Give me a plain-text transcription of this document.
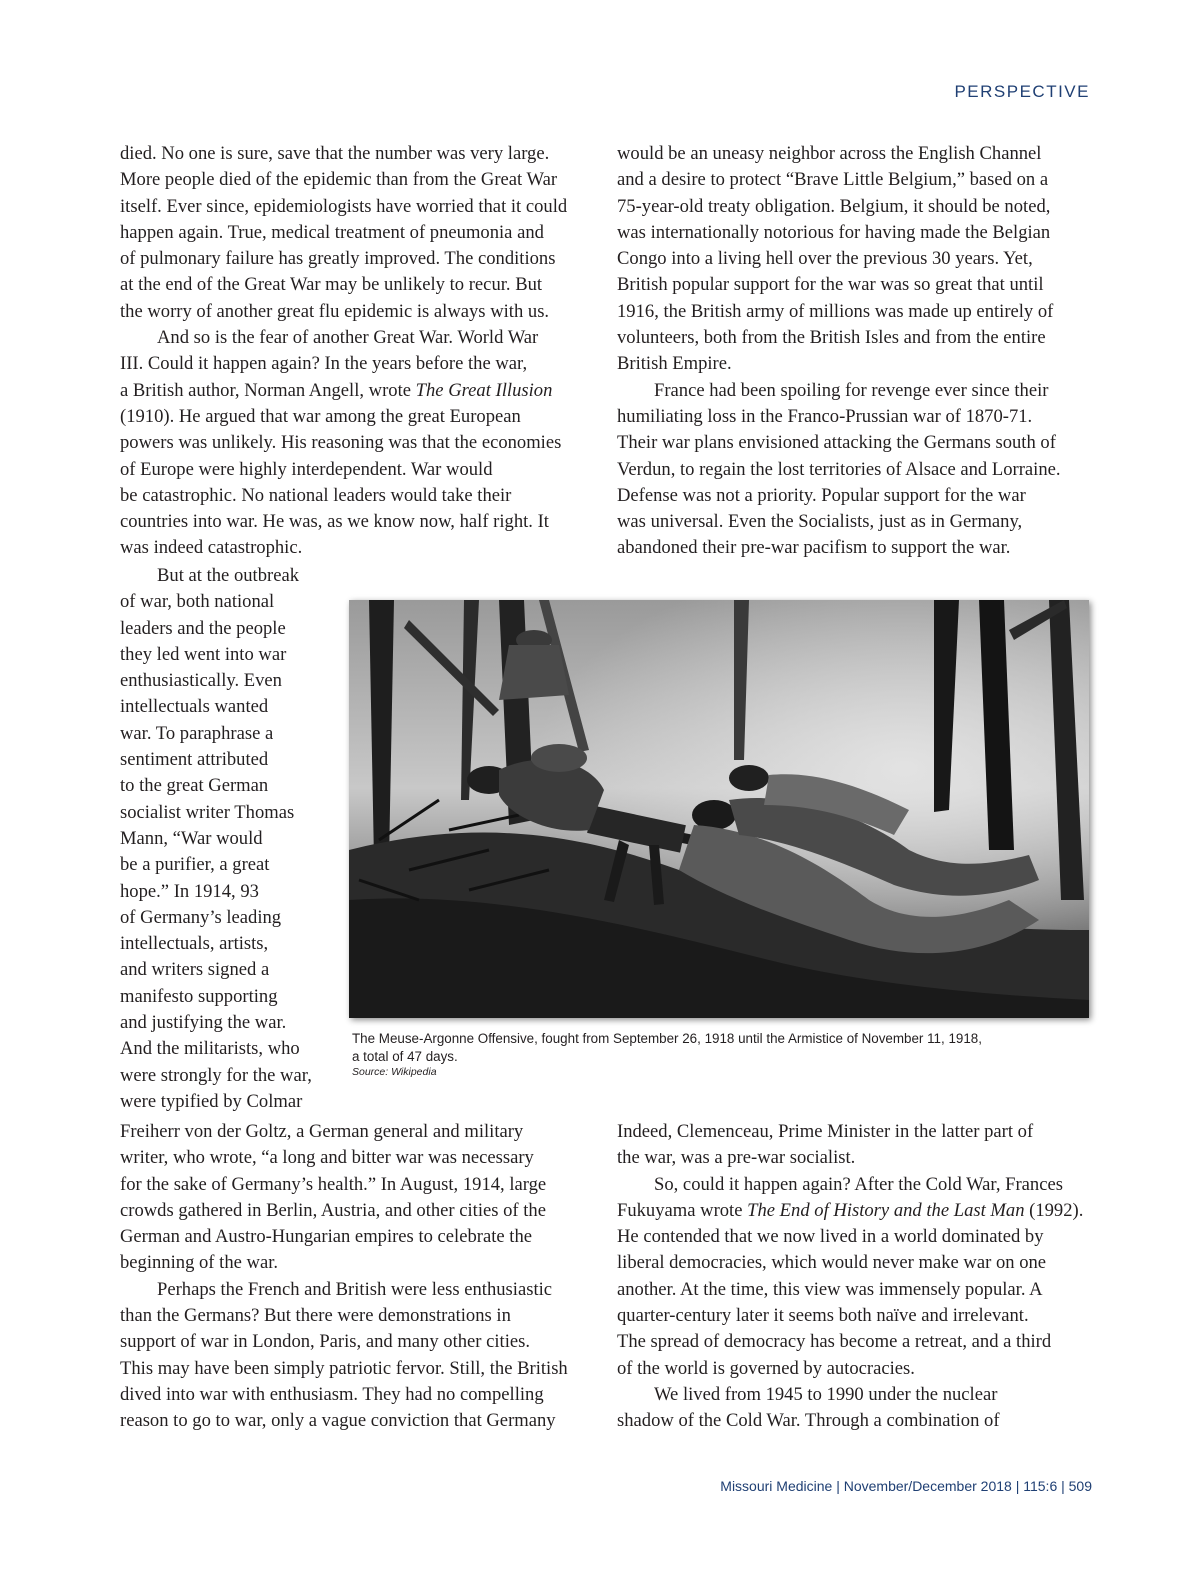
PERSPECTIVE
died. No one is sure, save that the number was very large.
More people died of the epidemic than from the Great War
itself. Ever since, epidemiologists have worried that it could
happen again. True, medical treatment of pneumonia and
of pulmonary failure has greatly improved. The conditions
at the end of the Great War may be unlikely to recur. But
the worry of another great flu epidemic is always with us.
And so is the fear of another Great War. World War
III. Could it happen again? In the years before the war,
a British author, Norman Angell, wrote The Great Illusion
(1910). He argued that war among the great European
powers was unlikely. His reasoning was that the economies
of Europe were highly interdependent. War would
be catastrophic. No national leaders would take their
countries into war. He was, as we know now, half right. It
was indeed catastrophic.
But at the outbreak
of war, both national
leaders and the people
they led went into war
enthusiastically. Even
intellectuals wanted
war. To paraphrase a
sentiment attributed
to the great German
socialist writer Thomas
Mann, “War would
be a purifier, a great
hope.” In 1914, 93
of Germany’s leading
intellectuals, artists,
and writers signed a
manifesto supporting
and justifying the war.
And the militarists, who
were strongly for the war,
were typified by Colmar
Freiherr von der Goltz, a German general and military
writer, who wrote, “a long and bitter war was necessary
for the sake of Germany’s health.” In August, 1914, large
crowds gathered in Berlin, Austria, and other cities of the
German and Austro-Hungarian empires to celebrate the
beginning of the war.
Perhaps the French and British were less enthusiastic
than the Germans? But there were demonstrations in
support of war in London, Paris, and many other cities.
This may have been simply patriotic fervor. Still, the British
dived into war with enthusiasm. They had no compelling
reason to go to war, only a vague conviction that Germany
would be an uneasy neighbor across the English Channel
and a desire to protect “Brave Little Belgium,” based on a
75-year-old treaty obligation. Belgium, it should be noted,
was internationally notorious for having made the Belgian
Congo into a living hell over the previous 30 years. Yet,
British popular support for the war was so great that until
1916, the British army of millions was made up entirely of
volunteers, both from the British Isles and from the entire
British Empire.
France had been spoiling for revenge ever since their
humiliating loss in the Franco-Prussian war of 1870-71.
Their war plans envisioned attacking the Germans south of
Verdun, to regain the lost territories of Alsace and Lorraine.
Defense was not a priority. Popular support for the war
was universal. Even the Socialists, just as in Germany,
abandoned their pre-war pacifism to support the war.
The Meuse-Argonne Offensive, fought from September 26, 1918 until the Armistice of November 11, 1918,
a total of 47 days.
Source: Wikipedia
Indeed, Clemenceau, Prime Minister in the latter part of
the war, was a pre-war socialist.
So, could it happen again? After the Cold War, Frances
Fukuyama wrote The End of History and the Last Man (1992).
He contended that we now lived in a world dominated by
liberal democracies, which would never make war on one
another. At the time, this view was immensely popular. A
quarter-century later it seems both naïve and irrelevant.
The spread of democracy has become a retreat, and a third
of the world is governed by autocracies.
We lived from 1945 to 1990 under the nuclear
shadow of the Cold War. Through a combination of
Missouri Medicine | November/December 2018 | 115:6 | 509
